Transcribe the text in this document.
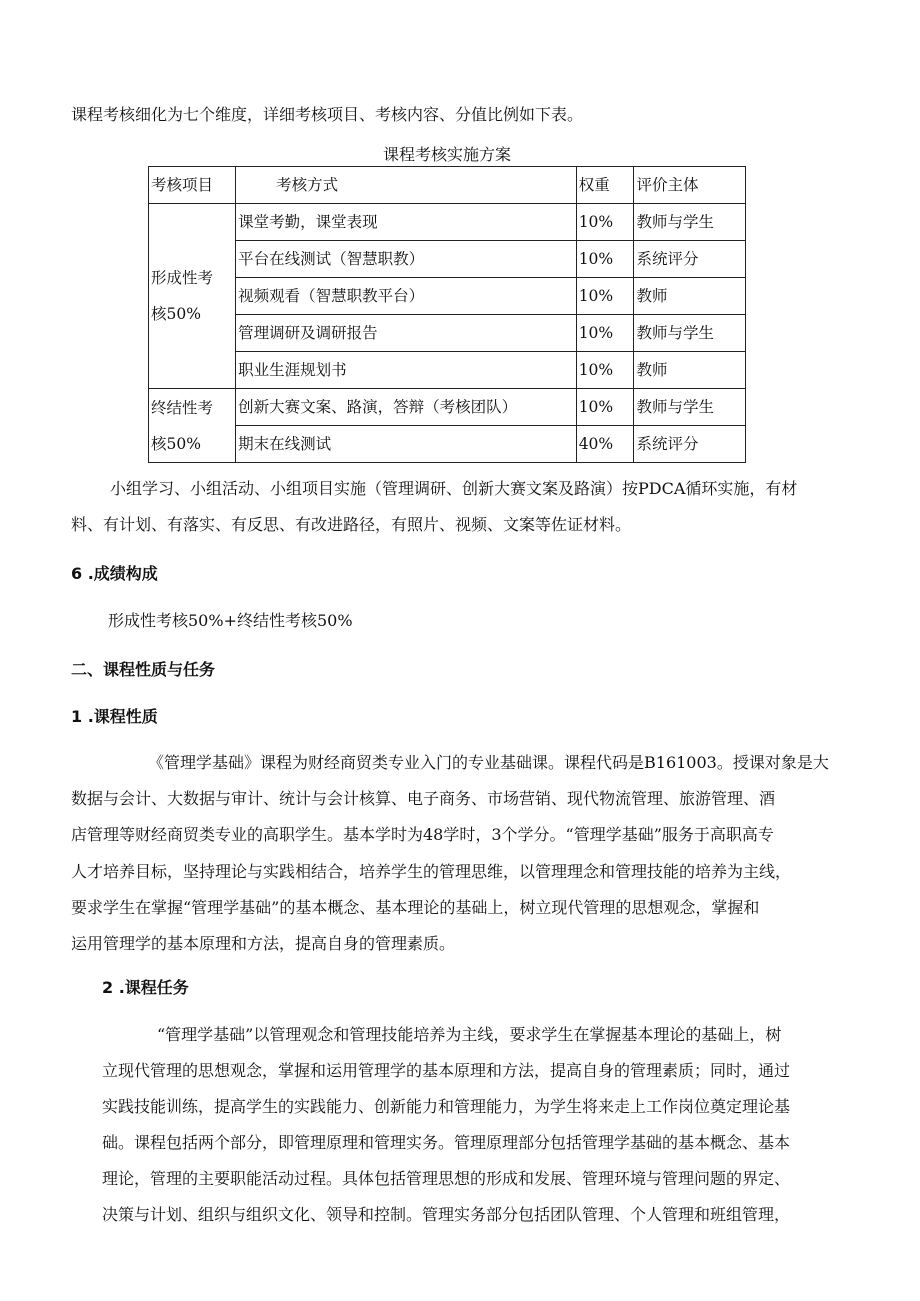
课程考核细化为七个维度，详细考核项目、考核内容、分值比例如下表。
课程考核实施方案
考核项目	考核方式	权重	评价主体
形成性考
核50%	课堂考勤，课堂表现	10%	教师与学生
	平台在线测试（智慧职教）	10%	系统评分
	视频观看（智慧职教平台）	10%	教师
	管理调研及调研报告	10%	教师与学生
	职业生涯规划书	10%	教师
终结性考
核50%	创新大赛文案、路演，答辩（考核团队）	10%	教师与学生
	期末在线测试	40%	系统评分
小组学习、小组活动、小组项目实施（管理调研、创新大赛文案及路演）按PDCA循环实施，有材
料、有计划、有落实、有反思、有改进路径，有照片、视频、文案等佐证材料。
6 .成绩构成
形成性考核50%+终结性考核50%
二、课程性质与任务
1 .课程性质
《管理学基础》课程为财经商贸类专业入门的专业基础课。课程代码是B161003。授课对象是大
数据与会计、大数据与审计、统计与会计核算、电子商务、市场营销、现代物流管理、旅游管理、酒
店管理等财经商贸类专业的高职学生。基本学时为48学时，3个学分。“管理学基础”服务于高职高专
人才培养目标，坚持理论与实践相结合，培养学生的管理思维，以管理理念和管理技能的培养为主线，
要求学生在掌握“管理学基础”的基本概念、基本理论的基础上，树立现代管理的思想观念，掌握和
运用管理学的基本原理和方法，提高自身的管理素质。
2 .课程任务
“管理学基础”以管理观念和管理技能培养为主线，要求学生在掌握基本理论的基础上，树
立现代管理的思想观念，掌握和运用管理学的基本原理和方法，提高自身的管理素质；同时，通过
实践技能训练，提高学生的实践能力、创新能力和管理能力，为学生将来走上工作岗位奠定理论基
础。课程包括两个部分，即管理原理和管理实务。管理原理部分包括管理学基础的基本概念、基本
理论，管理的主要职能活动过程。具体包括管理思想的形成和发展、管理环境与管理问题的界定、
决策与计划、组织与组织文化、领导和控制。管理实务部分包括团队管理、个人管理和班组管理，
